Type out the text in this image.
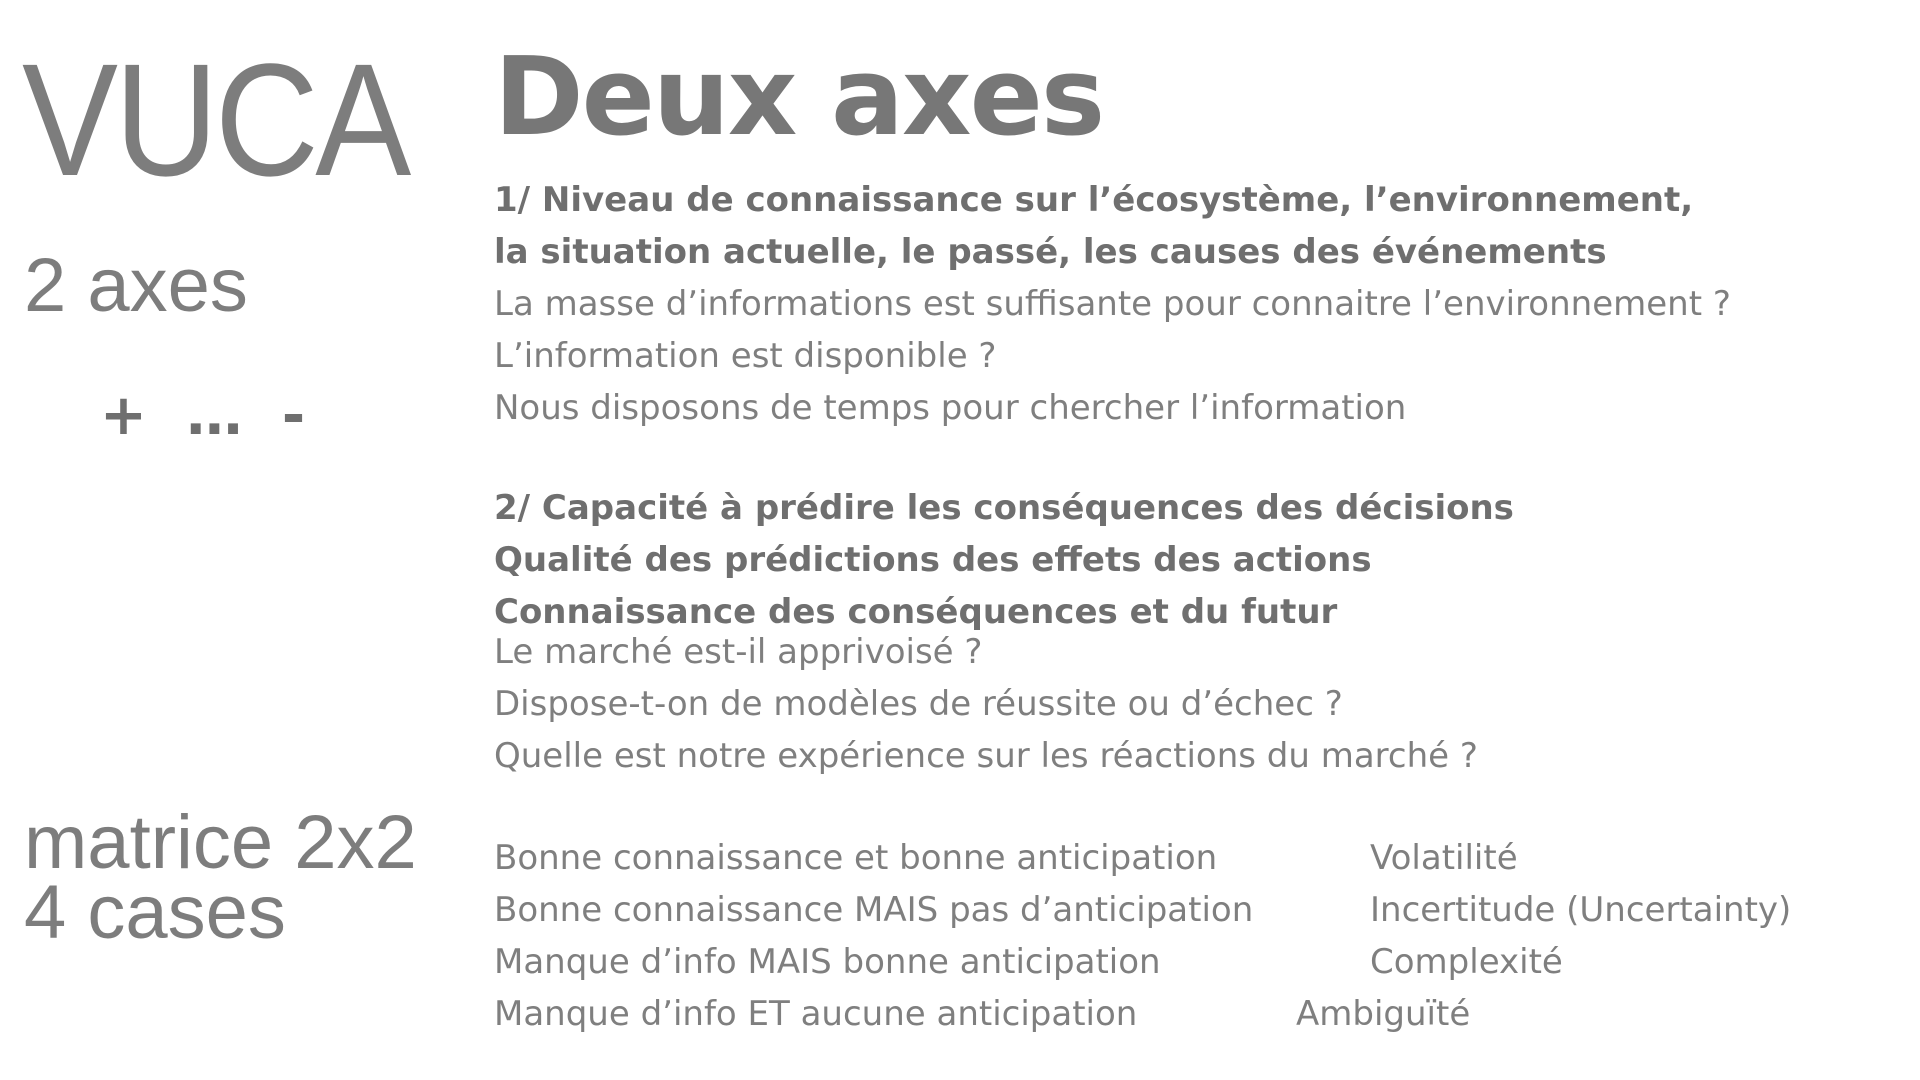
VUCA
2 axes
+ … -
matrice 2x2
4 cases
Deux axes
1/ Niveau de connaissance sur l’écosystème, l’environnement,
la situation actuelle, le passé, les causes des événements
La masse d’informations est suffisante pour connaitre l’environnement ?
L’information est disponible ?
Nous disposons de temps pour chercher l’information
2/ Capacité à prédire les conséquences des décisions
Qualité des prédictions des effets des actions
Connaissance des conséquences et du futur
Le marché est-il apprivoisé ?
Dispose-t-on de modèles de réussite ou d’échec ?
Quelle est notre expérience sur les réactions du marché ?
Bonne connaissance et bonne anticipation
Bonne connaissance MAIS pas d’anticipation
Manque d’info MAIS bonne anticipation
Manque d’info ET aucune anticipation
Volatilité
Incertitude (Uncertainty)
Complexité
Ambiguïté
